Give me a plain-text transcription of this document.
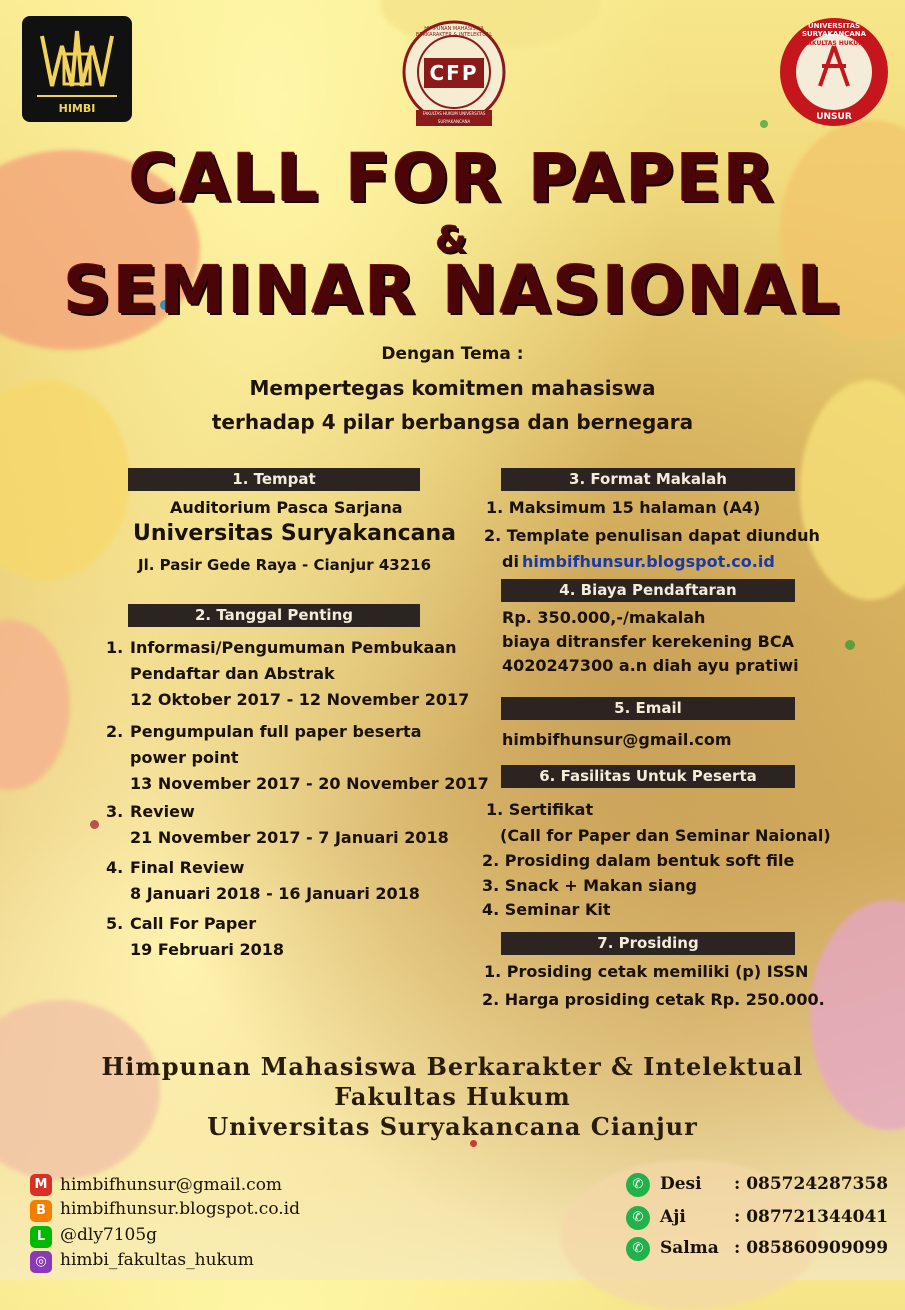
HIMBI
HIMPUNAN MAHASISWA BERKARAKTER & INTELEKTUAL
CFP
FAKULTAS HUKUM UNIVERSITAS SURYAKANCANA
UNIVERSITAS SURYAKANCANA
FAKULTAS HUKUM
UNSUR
CALL FOR PAPER
&
SEMINAR NASIONAL
Dengan Tema :
Mempertegas komitmen mahasiswa
terhadap 4 pilar berbangsa dan bernegara
1. Tempat
Auditorium Pasca Sarjana
Universitas Suryakancana
Jl. Pasir Gede Raya - Cianjur 43216
2. Tanggal Penting
1. Informasi/Pengumuman Pembukaan
Pendaftar dan Abstrak
12 Oktober 2017 - 12 November 2017
2. Pengumpulan full paper beserta
power point
13 November 2017 - 20 November 2017
3. Review
21 November 2017 - 7 Januari 2018
4. Final Review
8 Januari 2018 - 16 Januari 2018
5. Call For Paper
19 Februari 2018
3. Format Makalah
1. Maksimum 15 halaman (A4)
2. Template penulisan dapat diunduh
di himbifhunsur.blogspot.co.id
4. Biaya Pendaftaran
Rp. 350.000,-/makalah
biaya ditransfer kerekening BCA
4020247300 a.n diah ayu pratiwi
5. Email
himbifhunsur@gmail.com
6. Fasilitas Untuk Peserta
1. Sertifikat
(Call for Paper dan Seminar Naional)
2. Prosiding dalam bentuk soft file
3. Snack + Makan siang
4. Seminar Kit
7. Prosiding
1. Prosiding cetak memiliki (p) ISSN
2. Harga prosiding cetak Rp. 250.000.
Himpunan Mahasiswa Berkarakter & Intelektual
Fakultas Hukum
Universitas Suryakancana Cianjur
M himbifhunsur@gmail.com
B himbifhunsur.blogspot.co.id
L @dly7105g
◎ himbi_fakultas_hukum
✆ Desi : 085724287358
✆ Aji	: 087721344041
✆ Salma : 085860909099
